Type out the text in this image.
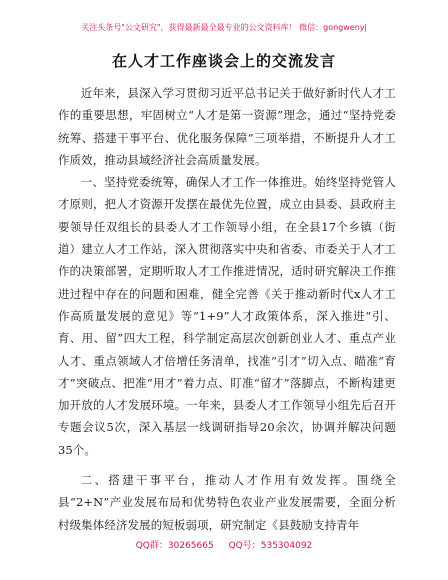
关注头条号"公文研究"，获得最新最全最专业的公文资料库！ 微信：gongwenyj
在人才工作座谈会上的交流发言

近年来，县深入学习贯彻习近平总书记关于做好新时代人才工作的重要思想，牢固树立“人才是第一资源”理念，通过“坚持党委统筹、搭建干事平台、优化服务保障”三项举措，不断提升人才工作质效，推动县域经济社会高质量发展。

一、坚持党委统筹，确保人才工作一体推进。始终坚持党管人才原则，把人才资源开发摆在最优先位置，成立由县委、县政府主要领导任双组长的县委人才工作领导小组，在全县17个乡镇（街道）建立人才工作站，深入贯彻落实中央和省委、市委关于人才工作的决策部署，定期听取人才工作推进情况，适时研究解决工作推进过程中存在的问题和困难，健全完善《关于推动新时代x人才工作高质量发展的意见》等“1+9”人才政策体系，深入推进“引、育、用、留”四大工程，科学制定高层次创新创业人才、重点产业人才、重点领域人才倍增任务清单，找准“引才”切入点、瞄准“育才”突破点、把准“用才”着力点、盯准“留才”落脚点，不断构建更加开放的人才发展环境。一年来，县委人才工作领导小组先后召开专题会议5次，深入基层一线调研指导20余次，协调并解决问题35个。

二、搭建干事平台，推动人才作用有效发挥。围绕全县“2+N”产业发展布局和优势特色农业产业发展需要，全面分析村级集体经济发展的短板弱项，研究制定《县鼓励支持青年

QQ群：30265665 QQ号：535304092
